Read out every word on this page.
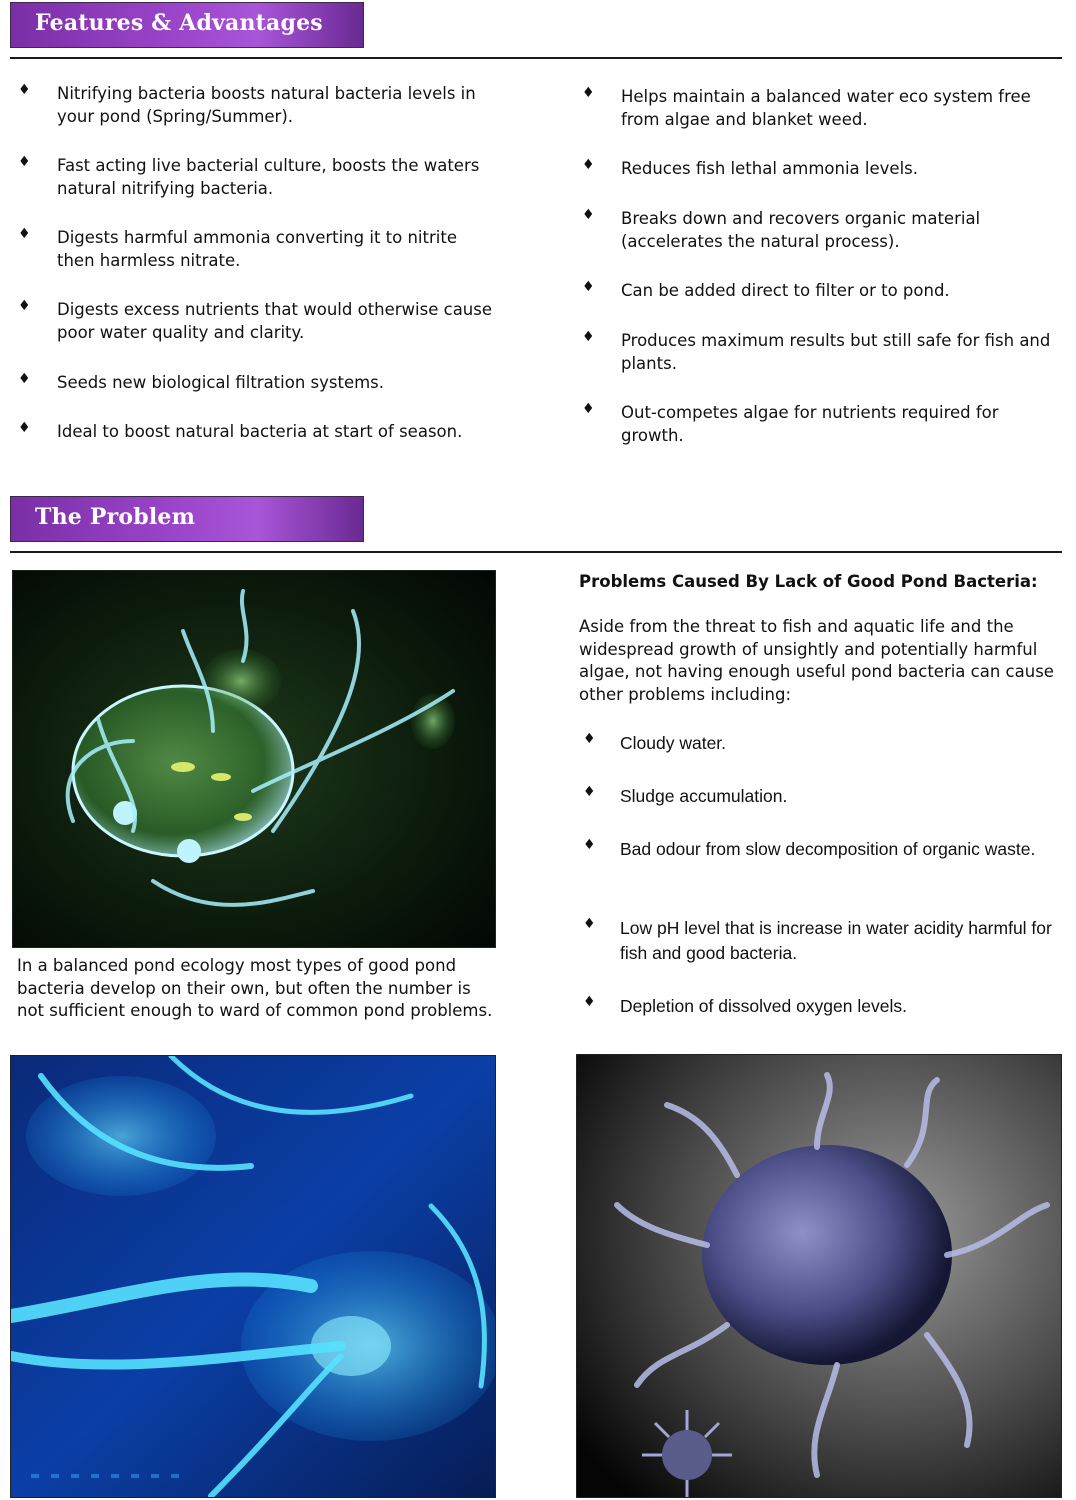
Features & Advantages
♦ Nitrifying bacteria boosts natural bacteria levels in your pond (Spring/Summer).
♦ Fast acting live bacterial culture, boosts the waters natural nitrifying bacteria.
♦ Digests harmful ammonia converting it to nitrite then harmless nitrate.
♦ Digests excess nutrients that would otherwise cause poor water quality and clarity.
♦ Seeds new biological filtration systems.
♦ Ideal to boost natural bacteria at start of season.
♦ Helps maintain a balanced water eco system free from algae and blanket weed.
♦ Reduces fish lethal ammonia levels.
♦ Breaks down and recovers organic material (accelerates the natural process).
♦ Can be added direct to filter or to pond.
♦ Produces maximum results but still safe for fish and plants.
♦ Out-competes algae for nutrients required for growth.
The Problem
In a balanced pond ecology most types of good pond bacteria develop on their own, but often the number is not sufficient enough to ward of common pond problems.
Problems Caused By Lack of Good Pond Bacteria:
Aside from the threat to fish and aquatic life and the widespread growth of unsightly and potentially harmful algae, not having enough useful pond bacteria can cause other problems including:
♦ Cloudy water.
♦ Sludge accumulation.
♦ Bad odour from slow decomposition of organic waste.
♦ Low pH level that is increase in water acidity harmful for fish and good bacteria.
♦ Depletion of dissolved oxygen levels.
